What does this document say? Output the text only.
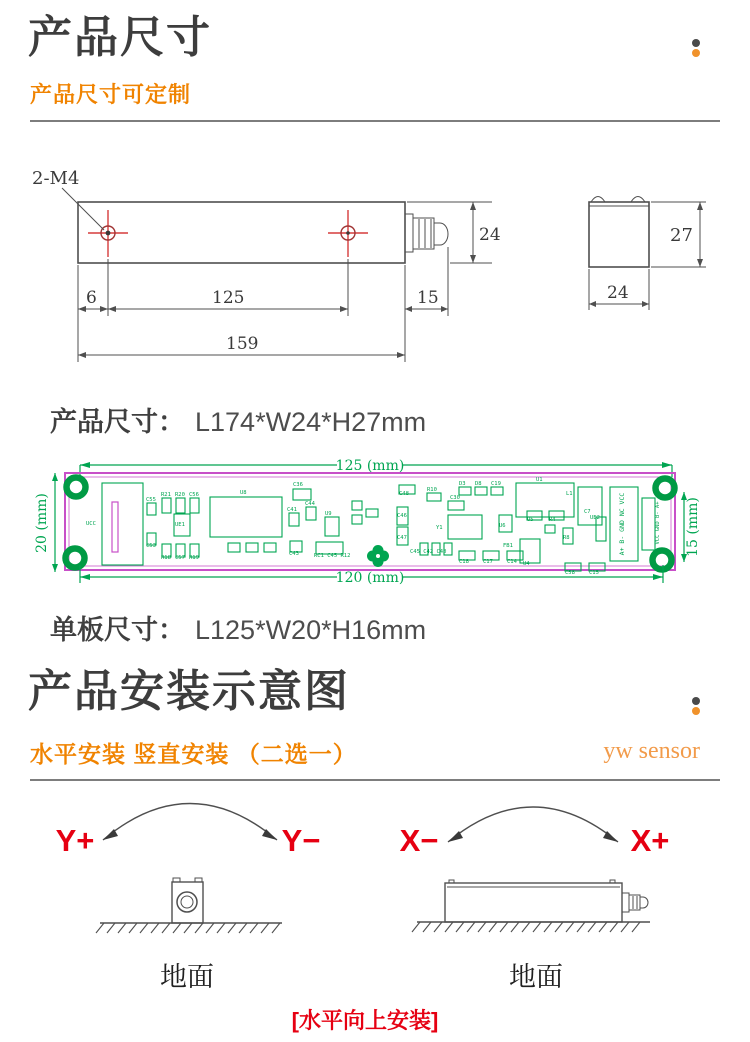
产品尺寸
产品尺寸可定制
2-M4
24
6	125	15
159
27
24
产品尺寸： L174*W24*H27mm
125 (mm)
A+ B- GND NC VCC	VCC GND B- A+
UCC
C55
C53
R21 R20 C56
UE1
R18 C57 R19
U8
C36
C41
C44
U9
C43	RC1 C45 R12
C48
C46
C47
R10
C30
Y1
C45 C42 C40
D3 D8 C19
U1
L1
C7
UE2
U6
U5	R4
FB1
U4
R8
C18	C17	C14
C58	C15
20 (mm)	15 (mm)
120 (mm)
单板尺寸： L125*W20*H16mm
产品安装示意图
水平安装 竖直安装 （二选一）	yw sensor
Y+	Y−
地面
X−	X+
地面
[水平向上安装]
